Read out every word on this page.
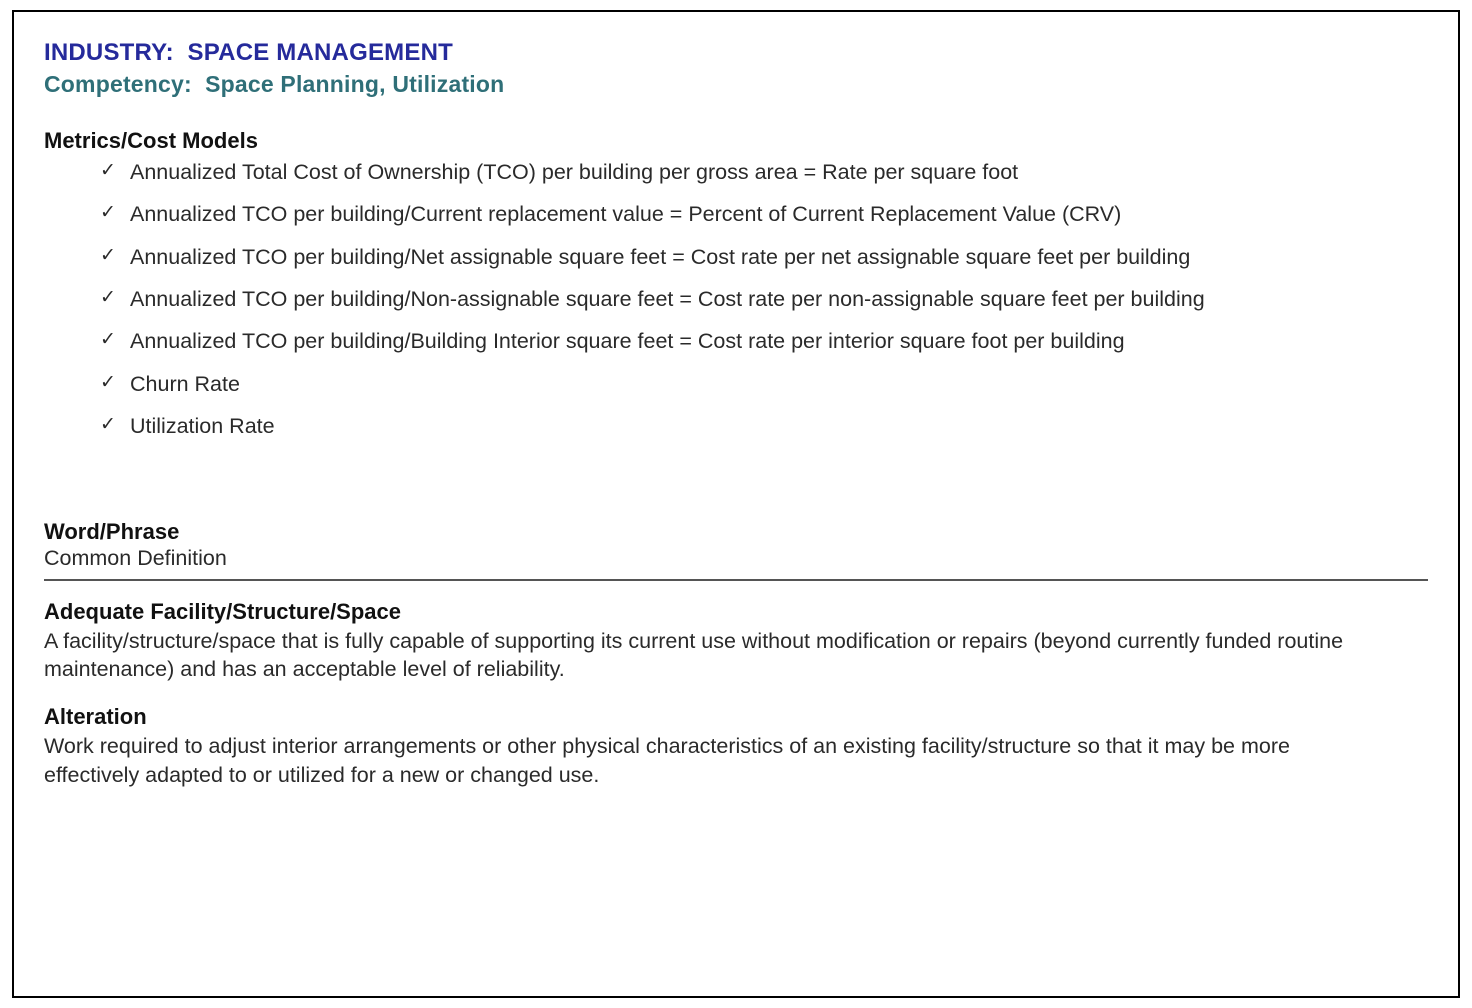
INDUSTRY:  SPACE MANAGEMENT
Competency:  Space Planning, Utilization
Metrics/Cost Models
✓ Annualized Total Cost of Ownership (TCO) per building per gross area = Rate per square foot
✓ Annualized TCO per building/Current replacement value = Percent of Current Replacement Value (CRV)
✓ Annualized TCO per building/Net assignable square feet = Cost rate per net assignable square feet per building
✓ Annualized TCO per building/Non-assignable square feet = Cost rate per non-assignable square feet per building
✓ Annualized TCO per building/Building Interior square feet = Cost rate per interior square foot per building
✓ Churn Rate
✓ Utilization Rate
Word/Phrase
Common Definition
Adequate Facility/Structure/Space
A facility/structure/space that is fully capable of supporting its current use without modification or repairs (beyond currently funded routine maintenance) and has an acceptable level of reliability.
Alteration
Work required to adjust interior arrangements or other physical characteristics of an existing facility/structure so that it may be more effectively adapted to or utilized for a new or changed use.
